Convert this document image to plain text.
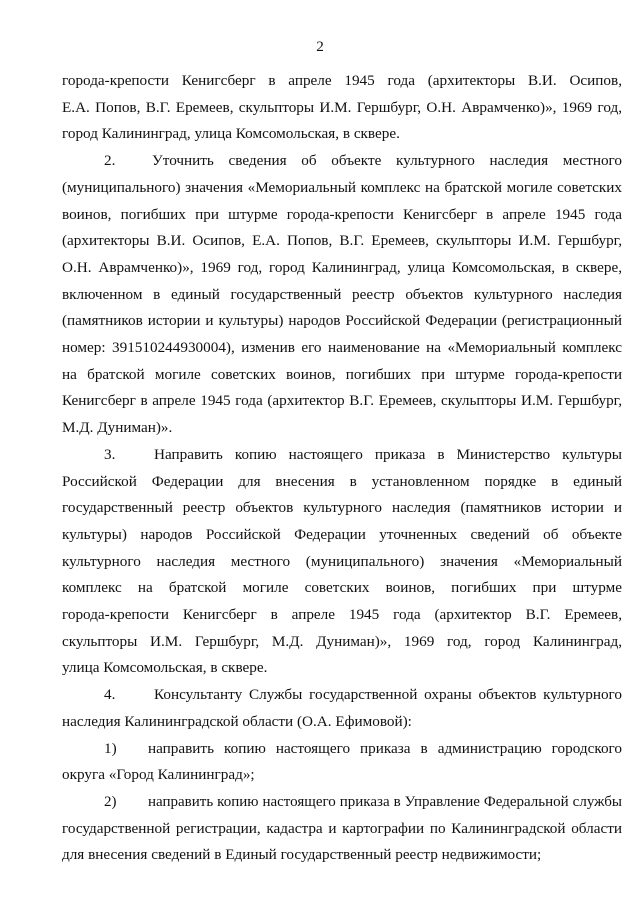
2
города-крепости Кенигсберг в апреле 1945 года (архитекторы В.И. Осипов,
Е.А. Попов, В.Г. Еремеев, скульпторы И.М. Гершбург, О.Н. Аврамченко)», 1969 год,
город Калининград, улица Комсомольская, в сквере.
2. Уточнить сведения об объекте культурного наследия местного
(муниципального) значения «Мемориальный комплекс на братской могиле советских
воинов, погибших при штурме города-крепости Кенигсберг в апреле 1945 года
(архитекторы В.И. Осипов, Е.А. Попов, В.Г. Еремеев, скульпторы И.М. Гершбург,
О.Н. Аврамченко)», 1969 год, город Калининград, улица Комсомольская, в сквере,
включенном в единый государственный реестр объектов культурного наследия
(памятников истории и культуры) народов Российской Федерации (регистрационный
номер: 391510244930004), изменив его наименование на «Мемориальный комплекс
на братской могиле советских воинов, погибших при штурме города-крепости
Кенигсберг в апреле 1945 года (архитектор В.Г. Еремеев, скульпторы И.М. Гершбург,
М.Д. Дуниман)».
3.	Направить копию настоящего приказа в Министерство культуры
Российской Федерации для внесения в установленном порядке в единый
государственный реестр объектов культурного наследия (памятников истории и
культуры) народов Российской Федерации уточненных сведений об объекте
культурного наследия местного (муниципального) значения «Мемориальный
комплекс на братской могиле советских воинов, погибших при штурме
города-крепости Кенигсберг в апреле 1945 года (архитектор В.Г. Еремеев,
скульпторы И.М. Гершбург, М.Д. Дуниман)», 1969 год, город Калининград,
улица Комсомольская, в сквере.
4.	Консультанту Службы государственной охраны объектов культурного
наследия Калининградской области (О.А. Ефимовой):
1) направить копию настоящего приказа в администрацию городского
округа «Город Калининград»;
2) направить копию настоящего приказа в Управление Федеральной службы
государственной регистрации, кадастра и картографии по Калининградской области
для внесения сведений в Единый государственный реестр недвижимости;
